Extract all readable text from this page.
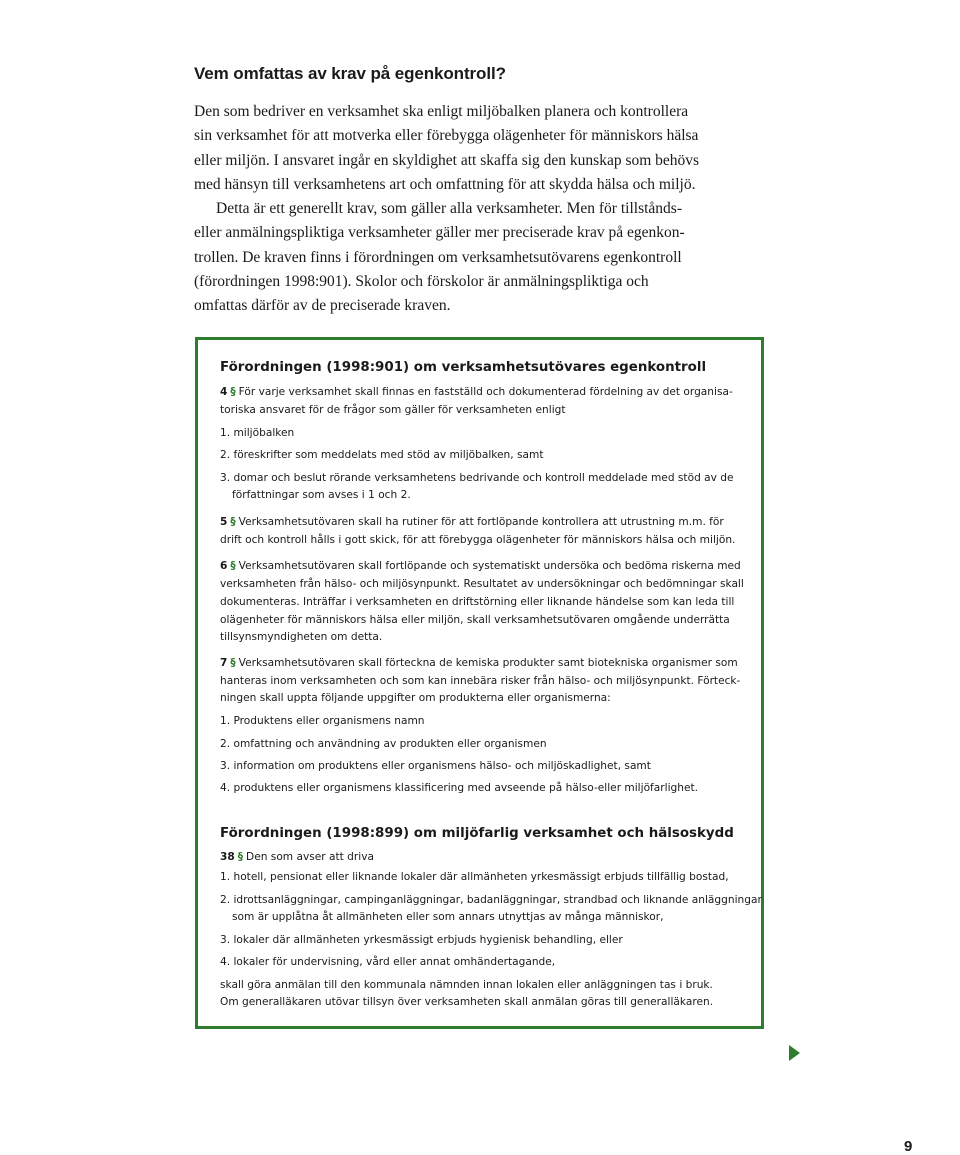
Vem omfattas av krav på egenkontroll?
Den som bedriver en verksamhet ska enligt miljöbalken planera och kontrollera
sin verksamhet för att motverka eller förebygga olägenheter för människors hälsa
eller miljön. I ansvaret ingår en skyldighet att skaffa sig den kunskap som behövs
med hänsyn till verksamhetens art och omfattning för att skydda hälsa och miljö.
Detta är ett generellt krav, som gäller alla verksamheter. Men för tillstånds-
eller anmälningspliktiga verksamheter gäller mer preciserade krav på egenkon-
trollen. De kraven finns i förordningen om verksamhetsutövarens egenkontroll
(förordningen 1998:901). Skolor och förskolor är anmälningspliktiga och
omfattas därför av de preciserade kraven.
Förordningen (1998:901) om verksamhetsutövares egenkontroll
4 § För varje verksamhet skall finnas en fastställd och dokumenterad fördelning av det organisa-
toriska ansvaret för de frågor som gäller för verksamheten enligt
1. miljöbalken
2. föreskrifter som meddelats med stöd av miljöbalken, samt
3. domar och beslut rörande verksamhetens bedrivande och kontroll meddelade med stöd av de
författningar som avses i 1 och 2.
5 § Verksamhetsutövaren skall ha rutiner för att fortlöpande kontrollera att utrustning m.m. för
drift och kontroll hålls i gott skick, för att förebygga olägenheter för människors hälsa och miljön.
6 § Verksamhetsutövaren skall fortlöpande och systematiskt undersöka och bedöma riskerna med
verksamheten från hälso- och miljösynpunkt. Resultatet av undersökningar och bedömningar skall
dokumenteras. Inträffar i verksamheten en driftstörning eller liknande händelse som kan leda till
olägenheter för människors hälsa eller miljön, skall verksamhetsutövaren omgående underrätta
tillsynsmyndigheten om detta.
7 § Verksamhetsutövaren skall förteckna de kemiska produkter samt biotekniska organismer som
hanteras inom verksamheten och som kan innebära risker från hälso- och miljösynpunkt. Förteck-
ningen skall uppta följande uppgifter om produkterna eller organismerna:
1. Produktens eller organismens namn
2. omfattning och användning av produkten eller organismen
3. information om produktens eller organismens hälso- och miljöskadlighet, samt
4. produktens eller organismens klassificering med avseende på hälso-eller miljöfarlighet.
Förordningen (1998:899) om miljöfarlig verksamhet och hälsoskydd
38 § Den som avser att driva
1. hotell, pensionat eller liknande lokaler där allmänheten yrkesmässigt erbjuds tillfällig bostad,
2. idrottsanläggningar, campinganläggningar, badanläggningar, strandbad och liknande anläggningar
som är upplåtna åt allmänheten eller som annars utnyttjas av många människor,
3. lokaler där allmänheten yrkesmässigt erbjuds hygienisk behandling, eller
4. lokaler för undervisning, vård eller annat omhändertagande,
skall göra anmälan till den kommunala nämnden innan lokalen eller anläggningen tas i bruk.
Om generalläkaren utövar tillsyn över verksamheten skall anmälan göras till generalläkaren.
9
